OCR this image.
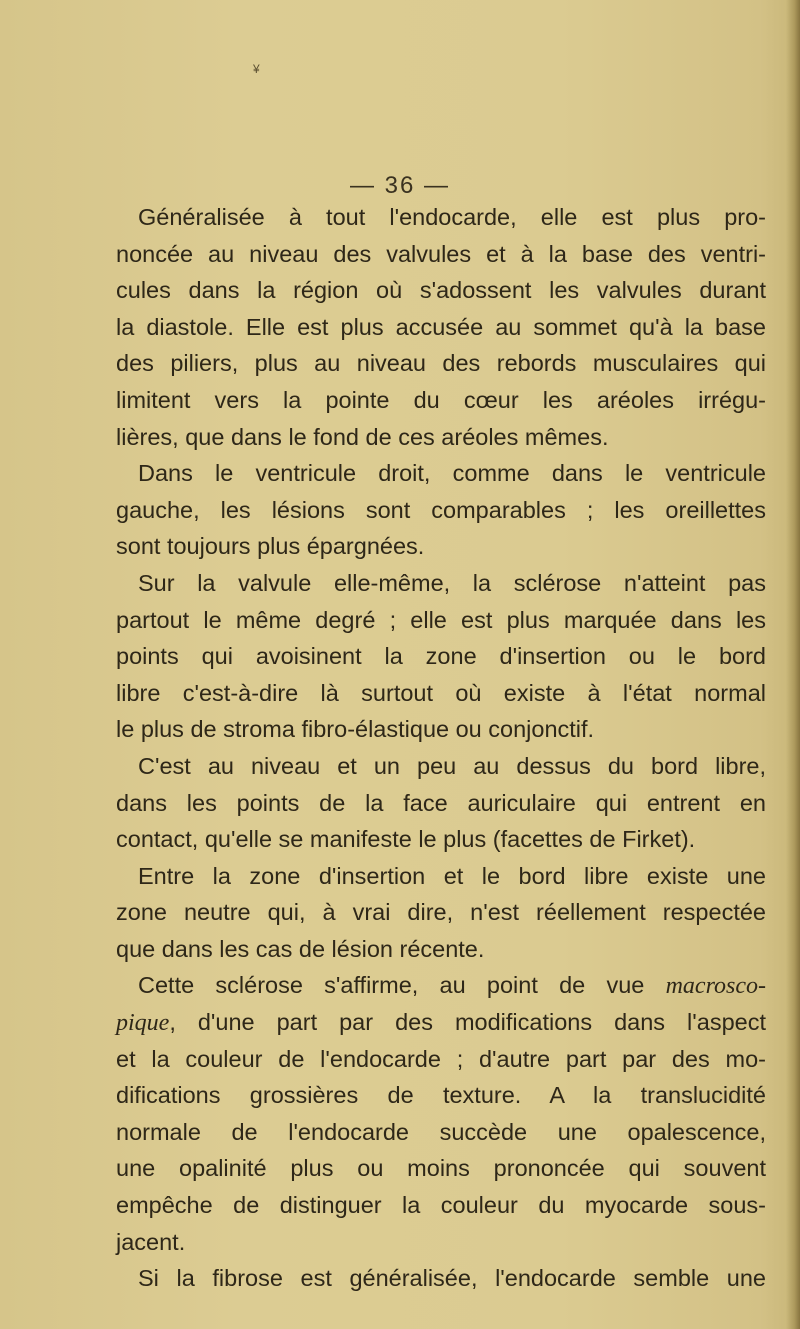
¥
— 36 —
Généralisée à tout l'endocarde, elle est plus pro-
noncée au niveau des valvules et à la base des ventri-
cules dans la région où s'adossent les valvules durant
la diastole. Elle est plus accusée au sommet qu'à la base
des piliers, plus au niveau des rebords musculaires qui
limitent vers la pointe du cœur les aréoles irrégu-
lières, que dans le fond de ces aréoles mêmes.
Dans le ventricule droit, comme dans le ventricule
gauche, les lésions sont comparables ; les oreillettes
sont toujours plus épargnées.
Sur la valvule elle-même, la sclérose n'atteint pas
partout le même degré ; elle est plus marquée dans les
points qui avoisinent la zone d'insertion ou le bord
libre c'est-à-dire là surtout où existe à l'état normal
le plus de stroma fibro-élastique ou conjonctif.
C'est au niveau et un peu au dessus du bord libre,
dans les points de la face auriculaire qui entrent en
contact, qu'elle se manifeste le plus (facettes de Firket).
Entre la zone d'insertion et le bord libre existe une
zone neutre qui, à vrai dire, n'est réellement respectée
que dans les cas de lésion récente.
Cette sclérose s'affirme, au point de vue macrosco-
pique, d'une part par des modifications dans l'aspect
et la couleur de l'endocarde ; d'autre part par des mo-
difications grossières de texture. A la translucidité
normale de l'endocarde succède une opalescence,
une opalinité plus ou moins prononcée qui souvent
empêche de distinguer la couleur du myocarde sous-
jacent.
Si la fibrose est généralisée, l'endocarde semble une
